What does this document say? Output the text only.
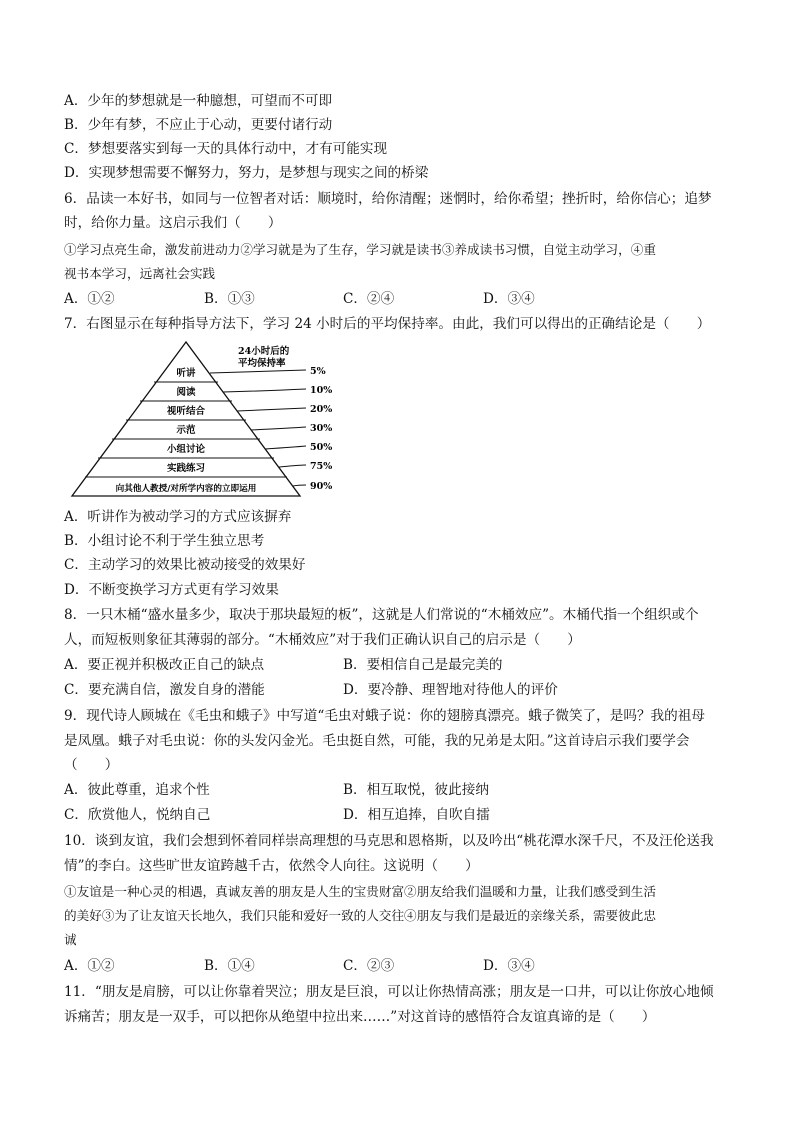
A．少年的梦想就是一种臆想，可望而不可即
B．少年有梦，不应止于心动，更要付诸行动
C．梦想要落实到每一天的具体行动中，才有可能实现
D．实现梦想需要不懈努力，努力，是梦想与现实之间的桥梁
6．品读一本好书，如同与一位智者对话：顺境时，给你清醒；迷惘时，给你希望；挫折时，给你信心；追梦
时，给你力量。这启示我们（　　）
①学习点亮生命，激发前进动力②学习就是为了生存，学习就是读书③养成读书习惯，自觉主动学习，④重
视书本学习，远离社会实践
A．①②	B．①③	C．②④	D．③④
7．右图显示在每种指导方法下，学习 24 小时后的平均保持率。由此，我们可以得出的正确结论是（　　）
24小时后的
平均保持率
听讲
阅读
视听结合
示范
小组讨论
实践练习
向其他人教授/对所学内容的立即运用
5%
10%
20%
30%
50%
75%
90%
A．听讲作为被动学习的方式应该摒弃
B．小组讨论不利于学生独立思考
C．主动学习的效果比被动接受的效果好
D．不断变换学习方式更有学习效果
8．一只木桶“盛水量多少，取决于那块最短的板”，这就是人们常说的“木桶效应”。木桶代指一个组织或个
人，而短板则象征其薄弱的部分。“木桶效应”对于我们正确认识自己的启示是（　　）
A．要正视并积极改正自己的缺点	B．要相信自己是最完美的
C．要充满自信，激发自身的潜能	D．要冷静、理智地对待他人的评价
9．现代诗人顾城在《毛虫和蛾子》中写道“毛虫对蛾子说：你的翅膀真漂亮。蛾子微笑了，是吗？我的祖母
是凤凰。蛾子对毛虫说：你的头发闪金光。毛虫挺自然，可能，我的兄弟是太阳。”这首诗启示我们要学会
（　　）
A．彼此尊重，追求个性	B．相互取悦，彼此接纳
C．欣赏他人，悦纳自己	D．相互追捧，自吹自擂
10．谈到友谊，我们会想到怀着同样崇高理想的马克思和恩格斯，以及吟出“桃花潭水深千尺，不及汪伦送我
情”的李白。这些旷世友谊跨越千古，依然令人向往。这说明（　　）
①友谊是一种心灵的相遇，真诚友善的朋友是人生的宝贵财富②朋友给我们温暖和力量，让我们感受到生活
的美好③为了让友谊天长地久，我们只能和爱好一致的人交往④朋友与我们是最近的亲缘关系，需要彼此忠
诚
A．①②	B．①④	C．②③	D．③④
11．“朋友是肩膀，可以让你靠着哭泣；朋友是巨浪，可以让你热情高涨；朋友是一口井，可以让你放心地倾
诉痛苦；朋友是一双手，可以把你从绝望中拉出来……”对这首诗的感悟符合友谊真谛的是（　　）
